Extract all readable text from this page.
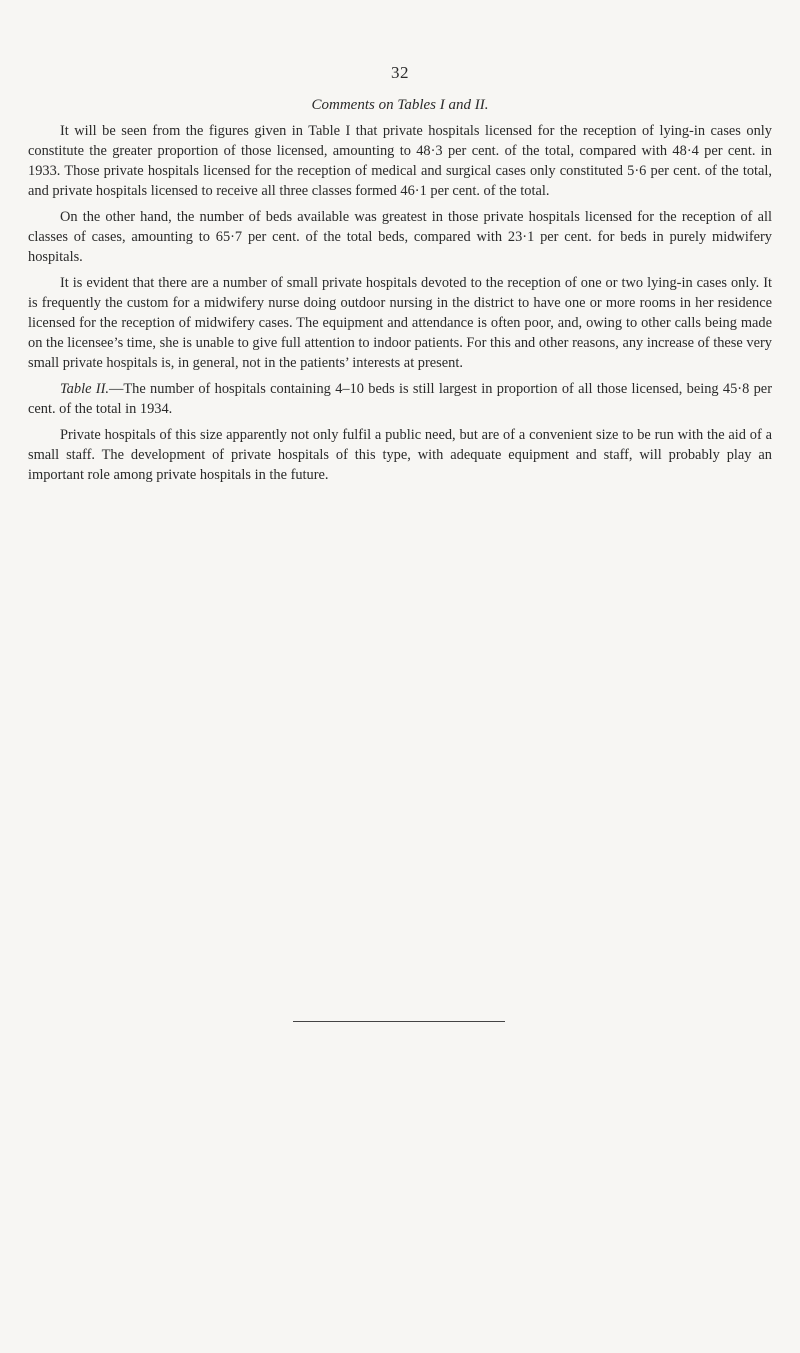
32
Comments on Tables I and II.

It will be seen from the figures given in Table I that private hospitals licensed for the reception of lying-in cases only constitute the greater proportion of those licensed, amounting to 48·3 per cent. of the total, compared with 48·4 per cent. in 1933. Those private hospitals licensed for the reception of medical and surgical cases only constituted 5·6 per cent. of the total, and private hospitals licensed to receive all three classes formed 46·1 per cent. of the total.

On the other hand, the number of beds available was greatest in those private hospitals licensed for the reception of all classes of cases, amounting to 65·7 per cent. of the total beds, compared with 23·1 per cent. for beds in purely midwifery hospitals.

It is evident that there are a number of small private hospitals devoted to the reception of one or two lying-in cases only. It is frequently the custom for a midwifery nurse doing outdoor nursing in the district to have one or more rooms in her residence licensed for the reception of midwifery cases. The equipment and attendance is often poor, and, owing to other calls being made on the licensee’s time, she is unable to give full attention to indoor patients. For this and other reasons, any increase of these very small private hospitals is, in general, not in the patients’ interests at present.

Table II.—The number of hospitals containing 4–10 beds is still largest in proportion of all those licensed, being 45·8 per cent. of the total in 1934.

Private hospitals of this size apparently not only fulfil a public need, but are of a convenient size to be run with the aid of a small staff. The development of private hospitals of this type, with adequate equipment and staff, will probably play an important role among private hospitals in the future.
